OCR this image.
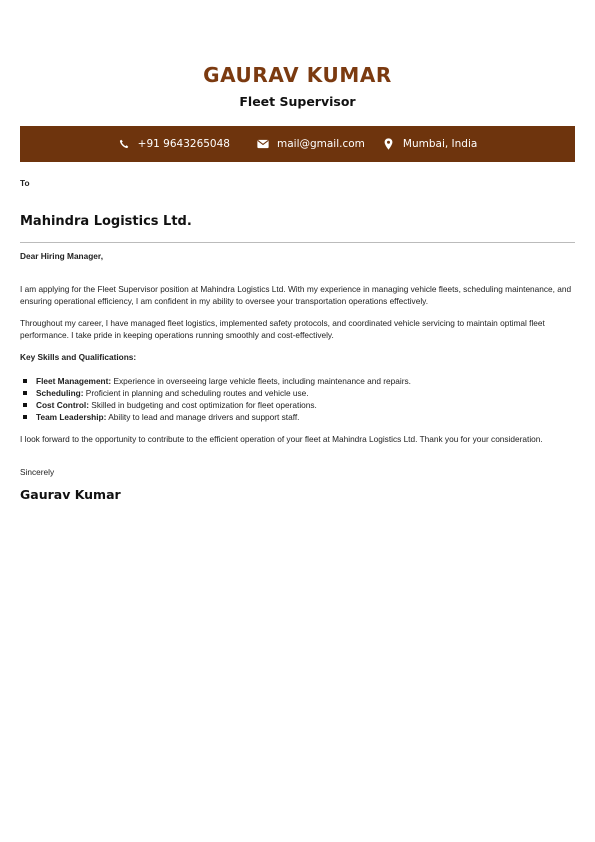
GAURAV KUMAR
Fleet Supervisor
+91 9643265048	mail@gmail.com	Mumbai, India
To
Mahindra Logistics Ltd.
Dear Hiring Manager,
I am applying for the Fleet Supervisor position at Mahindra Logistics Ltd. With my experience in managing vehicle fleets, scheduling maintenance, and ensuring operational efficiency, I am confident in my ability to oversee your transportation operations effectively.
Throughout my career, I have managed fleet logistics, implemented safety protocols, and coordinated vehicle servicing to maintain optimal fleet performance. I take pride in keeping operations running smoothly and cost-effectively.
Key Skills and Qualifications:
Fleet Management: Experience in overseeing large vehicle fleets, including maintenance and repairs.
Scheduling: Proficient in planning and scheduling routes and vehicle use.
Cost Control: Skilled in budgeting and cost optimization for fleet operations.
Team Leadership: Ability to lead and manage drivers and support staff.
I look forward to the opportunity to contribute to the efficient operation of your fleet at Mahindra Logistics Ltd. Thank you for your consideration.
Sincerely
Gaurav Kumar
